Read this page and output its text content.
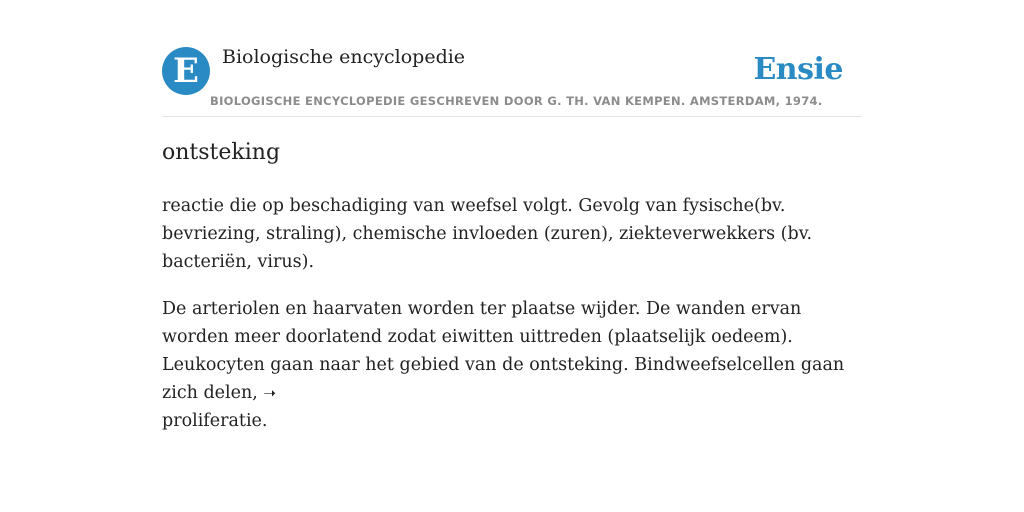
E	Biologische encyclopedie	Ensie
BIOLOGISCHE ENCYCLOPEDIE GESCHREVEN DOOR G. TH. VAN KEMPEN. AMSTERDAM, 1974.
ontsteking

reactie die op beschadiging van weefsel volgt. Gevolg van fysische(bv. bevriezing, straling), chemische invloeden (zuren), ziekteverwekkers (bv. bacteriën, virus).

De arteriolen en haarvaten worden ter plaatse wijder. De wanden ervan worden meer doorlatend zodat eiwitten uittreden (plaatselijk oedeem). Leukocyten gaan naar het gebied van de ontsteking. Bindweefselcellen gaan zich delen, ➝
proliferatie.
